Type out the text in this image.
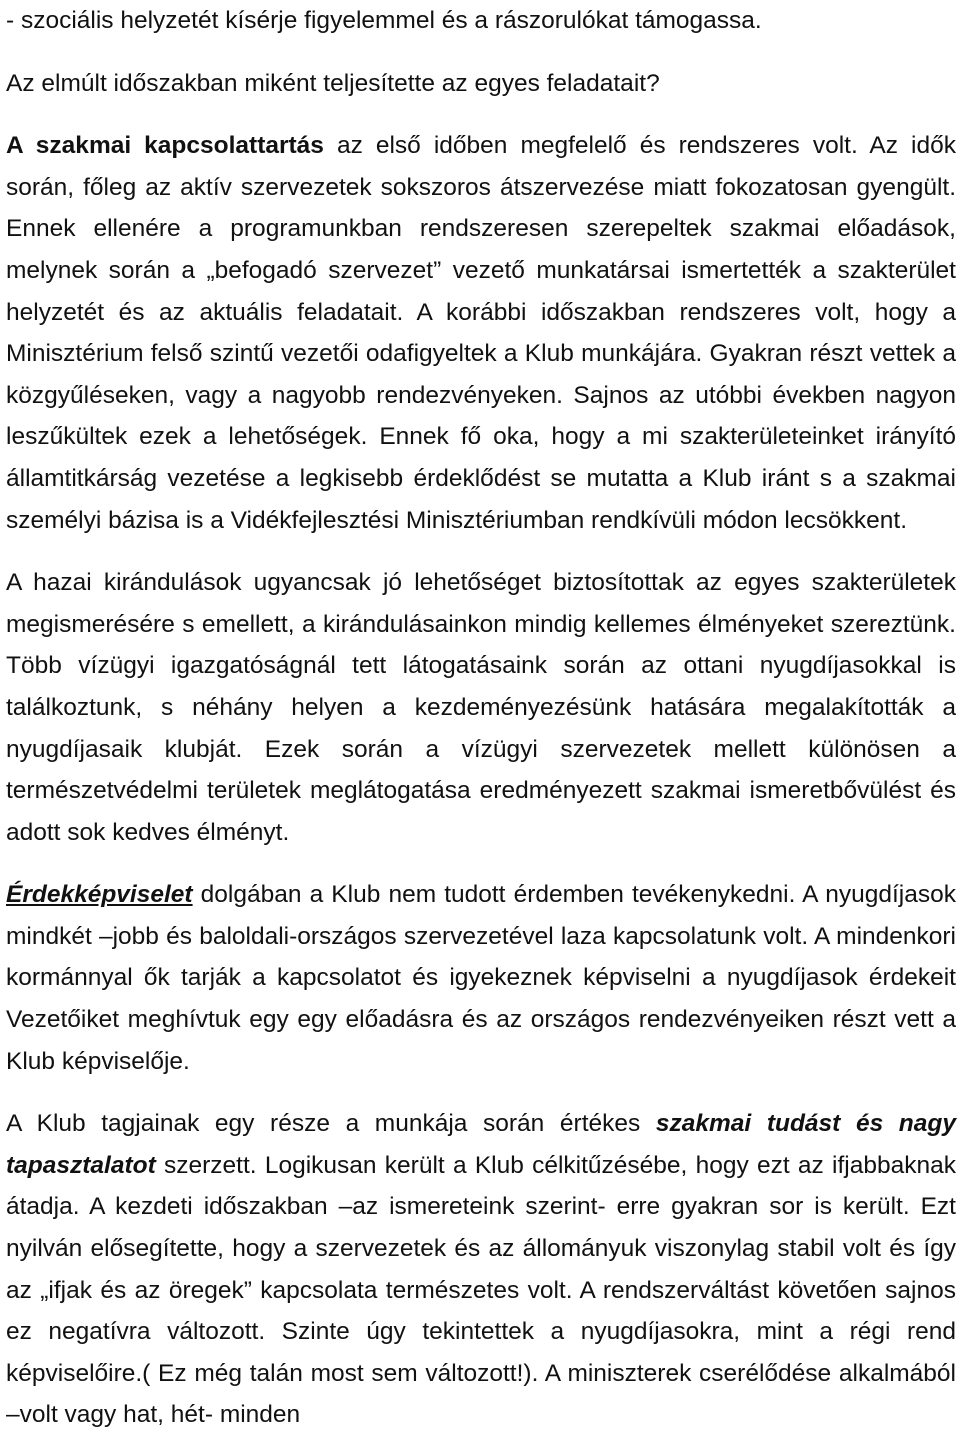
- szociális helyzetét kísérje figyelemmel és a rászorulókat támogassa.

Az elmúlt időszakban miként teljesítette az egyes feladatait?

A szakmai kapcsolattartás az első időben megfelelő és rendszeres volt. Az idők során, főleg az aktív szervezetek sokszoros átszervezése miatt fokozatosan gyengült. Ennek ellenére a programunkban rendszeresen szerepeltek szakmai előadások, melynek során a „befogadó szervezet” vezető munkatársai ismertették a szakterület helyzetét és az aktuális feladatait. A korábbi időszakban rendszeres volt, hogy a Minisztérium felső szintű vezetői odafigyeltek a Klub munkájára. Gyakran részt vettek a közgyűléseken, vagy a nagyobb rendezvényeken. Sajnos az utóbbi években nagyon leszűkültek ezek a lehetőségek. Ennek fő oka, hogy a mi szakterületeinket irányító államtitkárság vezetése a legkisebb érdeklődést se mutatta a Klub iránt s a szakmai személyi bázisa is a Vidékfejlesztési Minisztériumban rendkívüli módon lecsökkent.

A hazai kirándulások ugyancsak jó lehetőséget biztosítottak az egyes szakterületek megismerésére s emellett, a kirándulásainkon mindig kellemes élményeket szereztünk. Több vízügyi igazgatóságnál tett látogatásaink során az ottani nyugdíjasokkal is találkoztunk, s néhány helyen a kezdeményezésünk hatására megalakították a nyugdíjasaik klubját. Ezek során a vízügyi szervezetek mellett különösen a természetvédelmi területek meglátogatása eredményezett szakmai ismeretbővülést és adott sok kedves élményt.

Érdekképviselet dolgában a Klub nem tudott érdemben tevékenykedni. A nyugdíjasok mindkét –jobb és baloldali-országos szervezetével laza kapcsolatunk volt. A mindenkori kormánnyal ők tarják a kapcsolatot és igyekeznek képviselni a nyugdíjasok érdekeit Vezetőiket meghívtuk egy egy előadásra és az országos rendezvényeiken részt vett a Klub képviselője.

A Klub tagjainak egy része a munkája során értékes szakmai tudást és nagy tapasztalatot szerzett. Logikusan került a Klub célkitűzésébe, hogy ezt az ifjabbaknak átadja. A kezdeti időszakban –az ismereteink szerint- erre gyakran sor is került. Ezt nyilván elősegítette, hogy a szervezetek és az állományuk viszonylag stabil volt és így az „ifjak és az öregek” kapcsolata természetes volt. A rendszerváltást követően sajnos ez negatívra változott. Szinte úgy tekintettek a nyugdíjasokra, mint a régi rend képviselőire.( Ez még talán most sem változott!). A miniszterek cserélődése alkalmából –volt vagy hat, hét- minden
